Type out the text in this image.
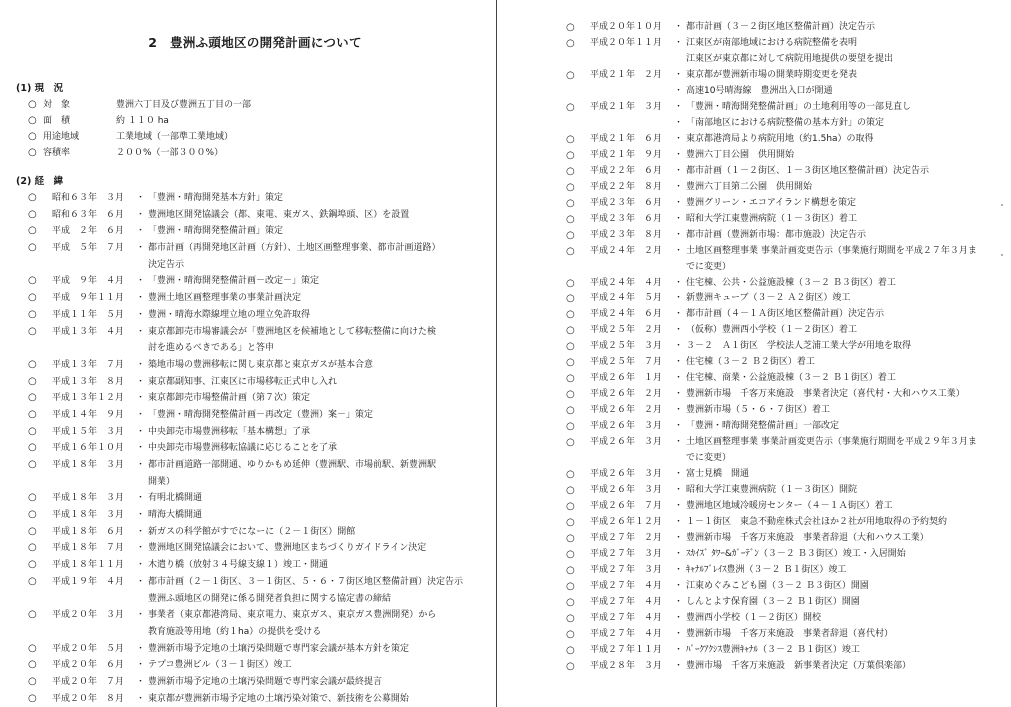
2　豊洲ふ頭地区の開発計画について
(1) 現　況
○ 対　象	豊洲六丁目及び豊洲五丁目の一部
○ 面　積	約 １１０ ha
○ 用途地域	工業地域（一部準工業地域）
○ 容積率	２００%（一部３００%）
(2) 経　緯
○	昭和６３年　３月	・ 「豊洲・晴海開発基本方針」策定
○	昭和６３年　６月	・ 豊洲地区開発協議会（都、東電、東ガス、鉄鋼埠頭、区）を設置
○	平成　２年　６月	・ 「豊洲・晴海開発整備計画」策定
○	平成　５年　７月	・ 都市計画（再開発地区計画（方針）、土地区画整理事業、都市計画道路）
決定告示
○	平成　９年　４月	・ 「豊洲・晴海開発整備計画－改定－」策定
○	平成　９年１１月	・ 豊洲土地区画整理事業の事業計画決定
○	平成１１年　５月	・ 豊洲・晴海水際線埋立地の埋立免許取得
○	平成１３年　４月	・ 東京都卸売市場審議会が「豊洲地区を候補地として移転整備に向けた検
討を進めるべきである」と答申
○	平成１３年　７月	・ 築地市場の豊洲移転に関し東京都と東京ガスが基本合意
○	平成１３年　８月	・ 東京都副知事、江東区に市場移転正式申し入れ
○	平成１３年１２月	・ 東京都卸売市場整備計画（第７次）策定
○	平成１４年　９月	・ 「豊洲・晴海開発整備計画－再改定（豊洲）案－」策定
○	平成１５年　３月	・ 中央卸売市場豊洲移転「基本構想」了承
○	平成１６年１０月	・ 中央卸売市場豊洲移転協議に応じることを了承
○	平成１８年　３月	・ 都市計画道路一部開通、ゆりかもめ延伸（豊洲駅、市場前駅、新豊洲駅
開業）
○	平成１８年　３月	・ 有明北橋開通
○	平成１８年　３月	・ 晴海大橋開通
○	平成１８年　６月	・ 新ガスの科学館がすでになーに（２－１街区）開館
○	平成１８年　７月	・ 豊洲地区開発協議会において、豊洲地区まちづくりガイドライン決定
○	平成１８年１１月	・ 木遣り橋（放射３４号線支線１）竣工・開通
○	平成１９年　４月	・ 都市計画（２－１街区、３－１街区、５・６・７街区地区整備計画）決定告示
豊洲ふ頭地区の開発に係る開発者負担に関する協定書の締結
○	平成２０年　３月	・ 事業者（東京都港湾局、東京電力、東京ガス、東京ガス豊洲開発）から
教育施設等用地（約１ha）の提供を受ける
○	平成２０年　５月	・ 豊洲新市場予定地の土壌汚染問題で専門家会議が基本方針を策定
○	平成２０年　６月	・ テプコ豊洲ビル（３－１街区）竣工
○	平成２０年　７月	・ 豊洲新市場予定地の土壌汚染問題で専門家会議が最終提言
○	平成２０年　８月	・ 東京都が豊洲新市場予定地の土壌汚染対策で、新技術を公募開始
○	平成２０年１０月	・ 都市計画（３－２街区地区整備計画）決定告示
○	平成２０年１１月	・ 江東区が南部地域における病院整備を表明
江東区が東京都に対して病院用地提供の要望を提出
○	平成２１年　２月	・ 東京都が豊洲新市場の開業時期変更を発表
・ 高速10号晴海線　豊洲出入口が開通
○	平成２１年　３月	・ 「豊洲・晴海開発整備計画」の土地利用等の一部見直し
・ 「南部地区における病院整備の基本方針」の策定
○	平成２１年　６月	・ 東京都港湾局より病院用地（約1.5ha）の取得
○	平成２１年　９月	・ 豊洲六丁目公園　供用開始
○	平成２２年　６月	・ 都市計画（１－２街区、１－３街区地区整備計画）決定告示
○	平成２２年　８月	・ 豊洲六丁目第二公園　供用開始
○	平成２３年　６月	・ 豊洲グリーン・エコアイランド構想を策定
○	平成２３年　６月	・ 昭和大学江東豊洲病院（１－３街区）着工
○	平成２３年　８月	・ 都市計画（豊洲新市場：都市施設）決定告示
○	平成２４年　２月	・ 土地区画整理事業 事業計画変更告示（事業施行期間を平成２７年３月ま
でに変更）
○	平成２４年　４月	・ 住宅棟、公共・公益施設棟（３－２ Ｂ３街区）着工
○	平成２４年　５月	・ 新豊洲キューブ（３－２ Ａ２街区）竣工
○	平成２４年　６月	・ 都市計画（４－１Ａ街区地区整備計画）決定告示
○	平成２５年　２月	・ （仮称）豊洲西小学校（１－２街区）着工
○	平成２５年　３月	・ ３－２　Ａ１街区　学校法人芝浦工業大学が用地を取得
○	平成２５年　７月	・ 住宅棟（３－２ Ｂ２街区）着工
○	平成２６年　１月	・ 住宅棟、商業・公益施設棟（３－２ Ｂ１街区）着工
○	平成２６年　２月	・ 豊洲新市場　千客万来施設　事業者決定（喜代村・大和ハウス工業）
○	平成２６年　２月	・ 豊洲新市場（５・６・７街区）着工
○	平成２６年　３月	・ 「豊洲・晴海開発整備計画」一部改定
○	平成２６年　３月	・ 土地区画整理事業 事業計画変更告示（事業施行期間を平成２９年３月ま
でに変更）
○	平成２６年　３月	・ 富士見橋　開通
○	平成２６年　３月	・ 昭和大学江東豊洲病院（１－３街区）開院
○	平成２６年　７月	・ 豊洲地区地域冷暖房センター（４－１Ａ街区）着工
○	平成２６年１２月	・ １－１街区　東急不動産株式会社ほか２社が用地取得の予約契約
○	平成２７年　２月	・ 豊洲新市場　千客万来施設　事業者辞退（大和ハウス工業）
○	平成２７年　３月	・ ｽｶｲｽﾞ ﾀﾜｰ&ｶﾞｰﾃﾞﾝ（３－２ Ｂ３街区）竣工・入居開始
○	平成２７年　３月	・ ｷｬﾅﾙﾌﾞﾚｲｽ豊洲（３－２ Ｂ１街区）竣工
○	平成２７年　４月	・ 江東めぐみこども園（３－２ Ｂ３街区）開園
○	平成２７年　４月	・ しんとよす保育園（３－２ Ｂ１街区）開園
○	平成２７年　４月	・ 豊洲西小学校（１－２街区）開校
○	平成２７年　４月	・ 豊洲新市場　千客万来施設　事業者辞退（喜代村）
○	平成２７年１１月	・ ﾊﾟｰｸｱｸｼｽ豊洲ｷｬﾅﾙ（３－２ Ｂ１街区）竣工
○	平成２８年　３月	・ 豊洲市場　千客万来施設　新事業者決定（万葉倶楽部）
